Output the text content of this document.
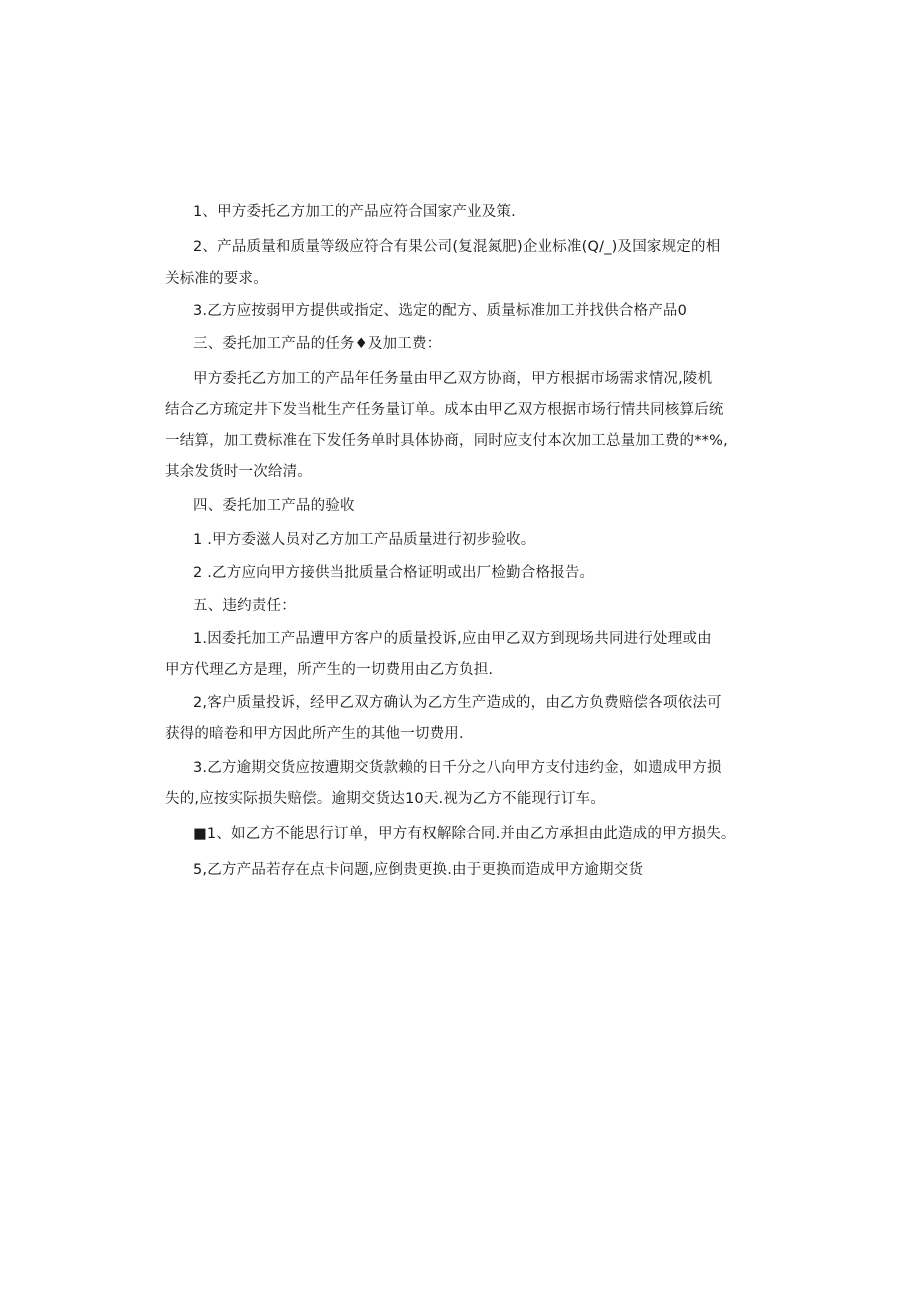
1、甲方委托乙方加工的产品应符合国家产业及策.
2、产品质量和质量等级应符合有果公司(复混氮肥)企业标准(Q/_)及国家规定的相
关标准的要求。
3.乙方应按弱甲方提供或指定、选定的配方、质量标准加工并找供合格产品0
三、委托加工产品的任务♦及加工费：
甲方委托乙方加工的产品年任务量由甲乙双方协商，甲方根据市场需求情况,陵机
结合乙方琉定井下发当枇生产任务量订单。成本由甲乙双方根据市场行情共同核算后统
一结算，加工费标准在下发任务单时具体协商，同时应支付本次加工总量加工费的**%,
其余发货时一次给清。
四、委托加工产品的验收
1 .甲方委滋人员对乙方加工产品质量进行初步验收。
2 .乙方应向甲方接供当批质量合格证明或出厂检勤合格报告。
五、违约责任：
1.因委托加工产品遭甲方客户的质量投诉,应由甲乙双方到现场共同进行处理或由
甲方代理乙方是理，所产生的一切费用由乙方负担.
2,客户质量投诉，经甲乙双方确认为乙方生产造成的，由乙方负费赔偿各项依法可
获得的暗卷和甲方因此所产生的其他一切费用.
3.乙方逾期交货应按遭期交货款赖的日千分之八向甲方支付违约金，如遗成甲方损
失的,应按实际损失赔偿。逾期交货达10天.视为乙方不能现行订车。
■1、如乙方不能思行订单，甲方有权解除合同.并由乙方承担由此造成的甲方损失。
5,乙方产品若存在点卡问题,应倒贵更换.由于更换而造成甲方逾期交货
